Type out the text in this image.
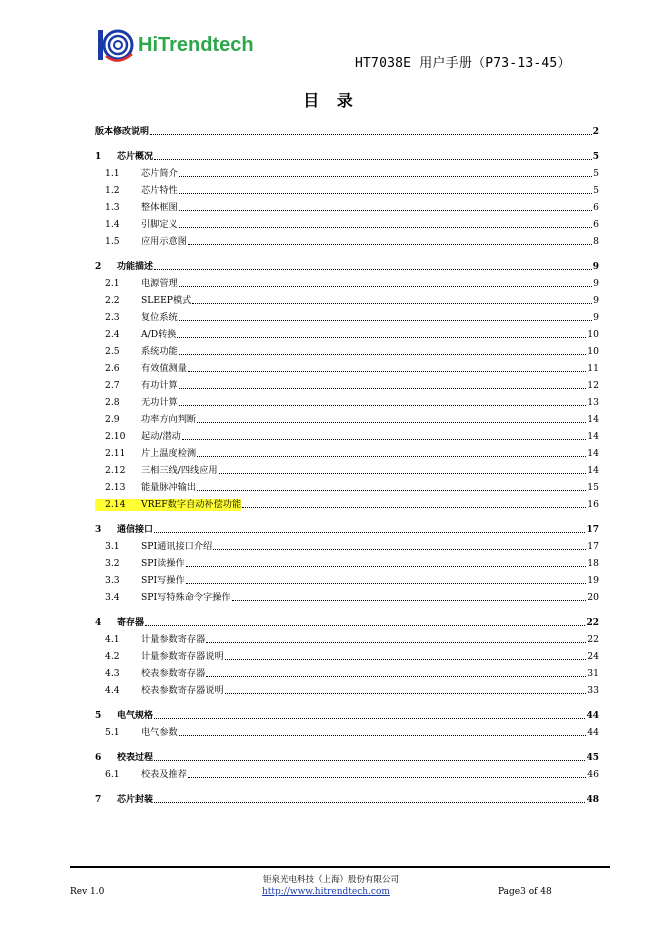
HiTrendtech
HT7038E 用户手册（P73-13-45）
目 录
版本修改说明	2
1	芯片概况	5
1.1	芯片简介	5
1.2	芯片特性	5
1.3	整体框图	6
1.4	引脚定义	6
1.5	应用示意图	8
2	功能描述	9
2.1	电源管理	9
2.2	SLEEP模式	9
2.3	复位系统	9
2.4	A/D转换	10
2.5	系统功能	10
2.6	有效值测量	11
2.7	有功计算	12
2.8	无功计算	13
2.9	功率方向判断	14
2.10	起动/潜动	14
2.11	片上温度检测	14
2.12	三相三线/四线应用	14
2.13	能量脉冲输出	15
2.14	VREF数字自动补偿功能	16
3	通信接口	17
3.1	SPI通讯接口介绍	17
3.2	SPI读操作	18
3.3	SPI写操作	19
3.4	SPI写特殊命令字操作	20
4	寄存器	22
4.1	计量参数寄存器	22
4.2	计量参数寄存器说明	24
4.3	校表参数寄存器	31
4.4	校表参数寄存器说明	33
5	电气规格	44
5.1	电气参数	44
6	校表过程	45
6.1	校表及推荐	46
7	芯片封装	48
钜泉光电科技（上海）股份有限公司
Rev 1.0	http://www.hitrendtech.com	Page3 of 48
